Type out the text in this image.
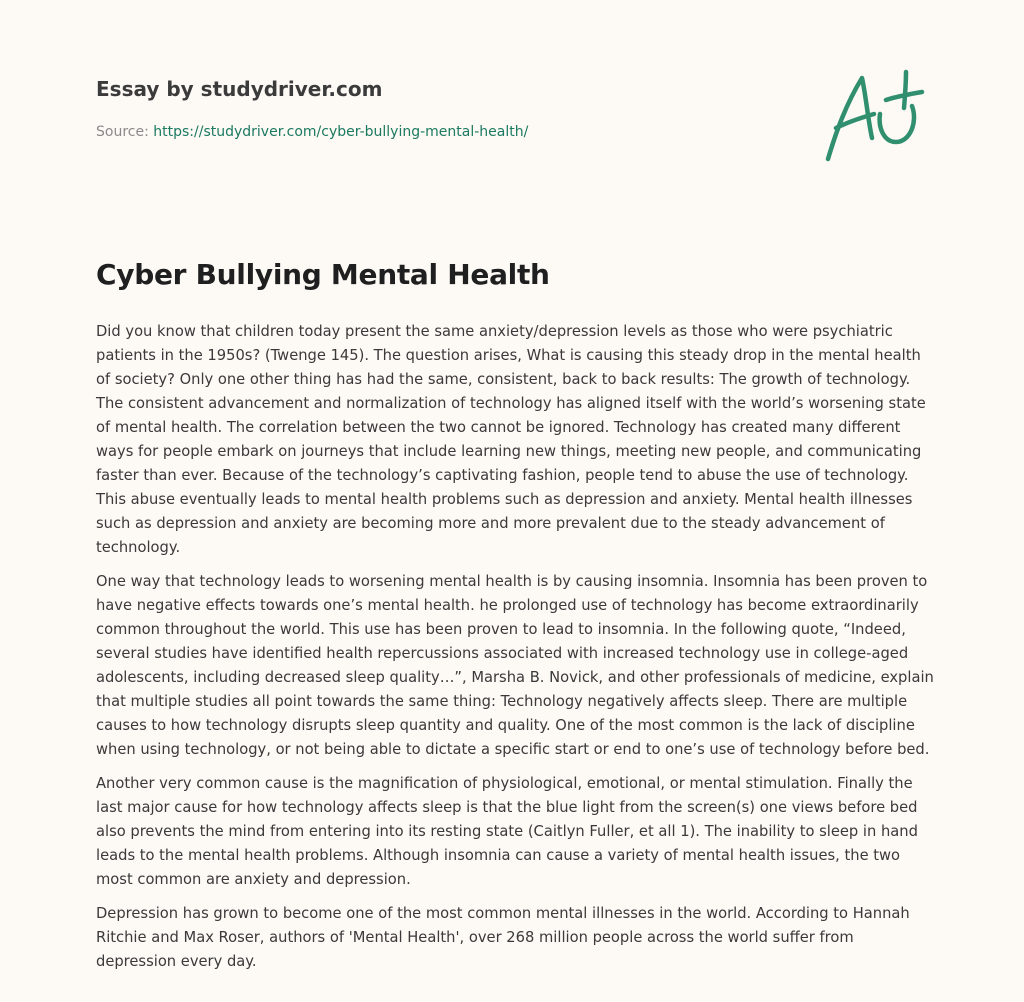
Essay by studydriver.com
Source: https://studydriver.com/cyber-bullying-mental-health/
Cyber Bullying Mental Health

Did you know that children today present the same anxiety/depression levels as those who were psychiatric patients in the 1950s? (Twenge 145). The question arises, What is causing this steady drop in the mental health of society? Only one other thing has had the same, consistent, back to back results: The growth of technology. The consistent advancement and normalization of technology has aligned itself with the world’s worsening state of mental health. The correlation between the two cannot be ignored. Technology has created many different ways for people embark on journeys that include learning new things, meeting new people, and communicating faster than ever. Because of the technology’s captivating fashion, people tend to abuse the use of technology. This abuse eventually leads to mental health problems such as depression and anxiety. Mental health illnesses such as depression and anxiety are becoming more and more prevalent due to the steady advancement of technology.

One way that technology leads to worsening mental health is by causing insomnia. Insomnia has been proven to have negative effects towards one’s mental health. he prolonged use of technology has become extraordinarily common throughout the world. This use has been proven to lead to insomnia. In the following quote, “Indeed, several studies have identified health repercussions associated with increased technology use in college-aged adolescents, including decreased sleep quality…”, Marsha B. Novick, and other professionals of medicine, explain that multiple studies all point towards the same thing: Technology negatively affects sleep. There are multiple causes to how technology disrupts sleep quantity and quality. One of the most common is the lack of discipline when using technology, or not being able to dictate a specific start or end to one’s use of technology before bed.

Another very common cause is the magnification of physiological, emotional, or mental stimulation. Finally the last major cause for how technology affects sleep is that the blue light from the screen(s) one views before bed also prevents the mind from entering into its resting state (Caitlyn Fuller, et all 1). The inability to sleep in hand leads to the mental health problems. Although insomnia can cause a variety of mental health issues, the two most common are anxiety and depression.

Depression has grown to become one of the most common mental illnesses in the world. According to Hannah Ritchie and Max Roser, authors of 'Mental Health', over 268 million people across the world suffer from depression every day.
